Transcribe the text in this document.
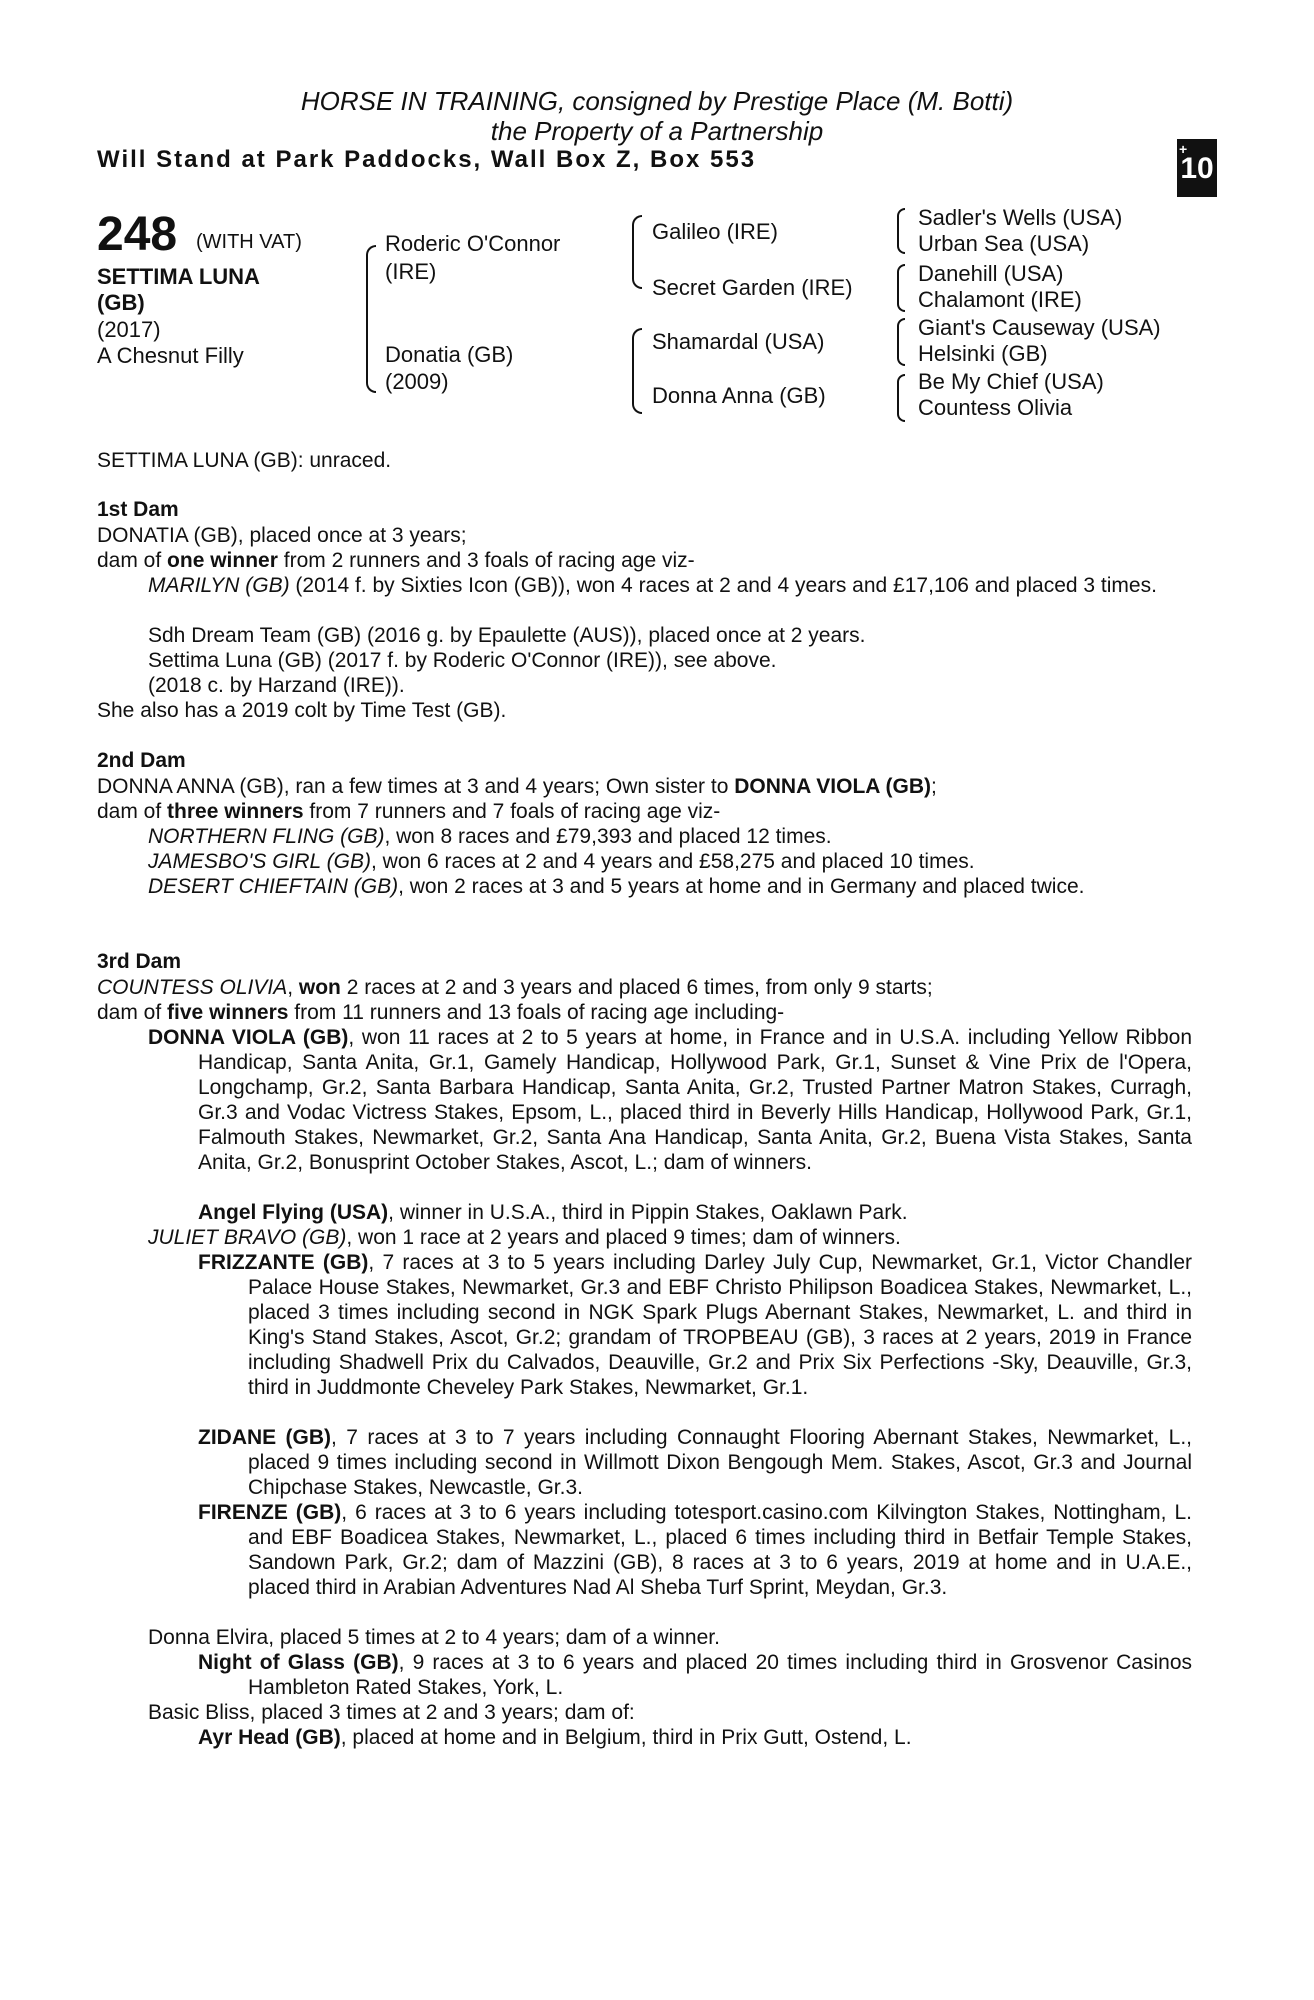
HORSE IN TRAINING, consigned by Prestige Place (M. Botti)
the Property of a Partnership
Will Stand at Park Paddocks, Wall Box Z, Box 553	+
10
248 (WITH VAT)
SETTIMA LUNA
(GB)
(2017)
A Chesnut Filly
Roderic O'Connor
(IRE)
Donatia (GB)
(2009)
Galileo (IRE)
Secret Garden (IRE)
Shamardal (USA)
Donna Anna (GB)
Sadler's Wells (USA)
Urban Sea (USA)
Danehill (USA)
Chalamont (IRE)
Giant's Causeway (USA)
Helsinki (GB)
Be My Chief (USA)
Countess Olivia
SETTIMA LUNA (GB): unraced.
1st Dam
DONATIA (GB), placed once at 3 years;
dam of one winner from 2 runners and 3 foals of racing age viz-
MARILYN (GB) (2014 f. by Sixties Icon (GB)), won 4 races at 2 and 4 years and £17,106 and placed 3 times.
Sdh Dream Team (GB) (2016 g. by Epaulette (AUS)), placed once at 2 years.
Settima Luna (GB) (2017 f. by Roderic O'Connor (IRE)), see above.
(2018 c. by Harzand (IRE)).
She also has a 2019 colt by Time Test (GB).
2nd Dam
DONNA ANNA (GB), ran a few times at 3 and 4 years; Own sister to DONNA VIOLA (GB);
dam of three winners from 7 runners and 7 foals of racing age viz-
NORTHERN FLING (GB), won 8 races and £79,393 and placed 12 times.
JAMESBO'S GIRL (GB), won 6 races at 2 and 4 years and £58,275 and placed 10 times.
DESERT CHIEFTAIN (GB), won 2 races at 3 and 5 years at home and in Germany and placed twice.
3rd Dam
COUNTESS OLIVIA, won 2 races at 2 and 3 years and placed 6 times, from only 9 starts;
dam of five winners from 11 runners and 13 foals of racing age including-
DONNA VIOLA (GB), won 11 races at 2 to 5 years at home, in France and in U.S.A. including Yellow Ribbon Handicap, Santa Anita, Gr.1, Gamely Handicap, Hollywood Park, Gr.1, Sunset & Vine Prix de l'Opera, Longchamp, Gr.2, Santa Barbara Handicap, Santa Anita, Gr.2, Trusted Partner Matron Stakes, Curragh, Gr.3 and Vodac Victress Stakes, Epsom, L., placed third in Beverly Hills Handicap, Hollywood Park, Gr.1, Falmouth Stakes, Newmarket, Gr.2, Santa Ana Handicap, Santa Anita, Gr.2, Buena Vista Stakes, Santa Anita, Gr.2, Bonusprint October Stakes, Ascot, L.; dam of winners.
Angel Flying (USA), winner in U.S.A., third in Pippin Stakes, Oaklawn Park.
JULIET BRAVO (GB), won 1 race at 2 years and placed 9 times; dam of winners.
FRIZZANTE (GB), 7 races at 3 to 5 years including Darley July Cup, Newmarket, Gr.1, Victor Chandler Palace House Stakes, Newmarket, Gr.3 and EBF Christo Philipson Boadicea Stakes, Newmarket, L., placed 3 times including second in NGK Spark Plugs Abernant Stakes, Newmarket, L. and third in King's Stand Stakes, Ascot, Gr.2; grandam of TROPBEAU (GB), 3 races at 2 years, 2019 in France including Shadwell Prix du Calvados, Deauville, Gr.2 and Prix Six Perfections -Sky, Deauville, Gr.3, third in Juddmonte Cheveley Park Stakes, Newmarket, Gr.1.
ZIDANE (GB), 7 races at 3 to 7 years including Connaught Flooring Abernant Stakes, Newmarket, L., placed 9 times including second in Willmott Dixon Bengough Mem. Stakes, Ascot, Gr.3 and Journal Chipchase Stakes, Newcastle, Gr.3.
FIRENZE (GB), 6 races at 3 to 6 years including totesport.casino.com Kilvington Stakes, Nottingham, L. and EBF Boadicea Stakes, Newmarket, L., placed 6 times including third in Betfair Temple Stakes, Sandown Park, Gr.2; dam of Mazzini (GB), 8 races at 3 to 6 years, 2019 at home and in U.A.E., placed third in Arabian Adventures Nad Al Sheba Turf Sprint, Meydan, Gr.3.
Donna Elvira, placed 5 times at 2 to 4 years; dam of a winner.
Night of Glass (GB), 9 races at 3 to 6 years and placed 20 times including third in Grosvenor Casinos Hambleton Rated Stakes, York, L.
Basic Bliss, placed 3 times at 2 and 3 years; dam of:
Ayr Head (GB), placed at home and in Belgium, third in Prix Gutt, Ostend, L.
